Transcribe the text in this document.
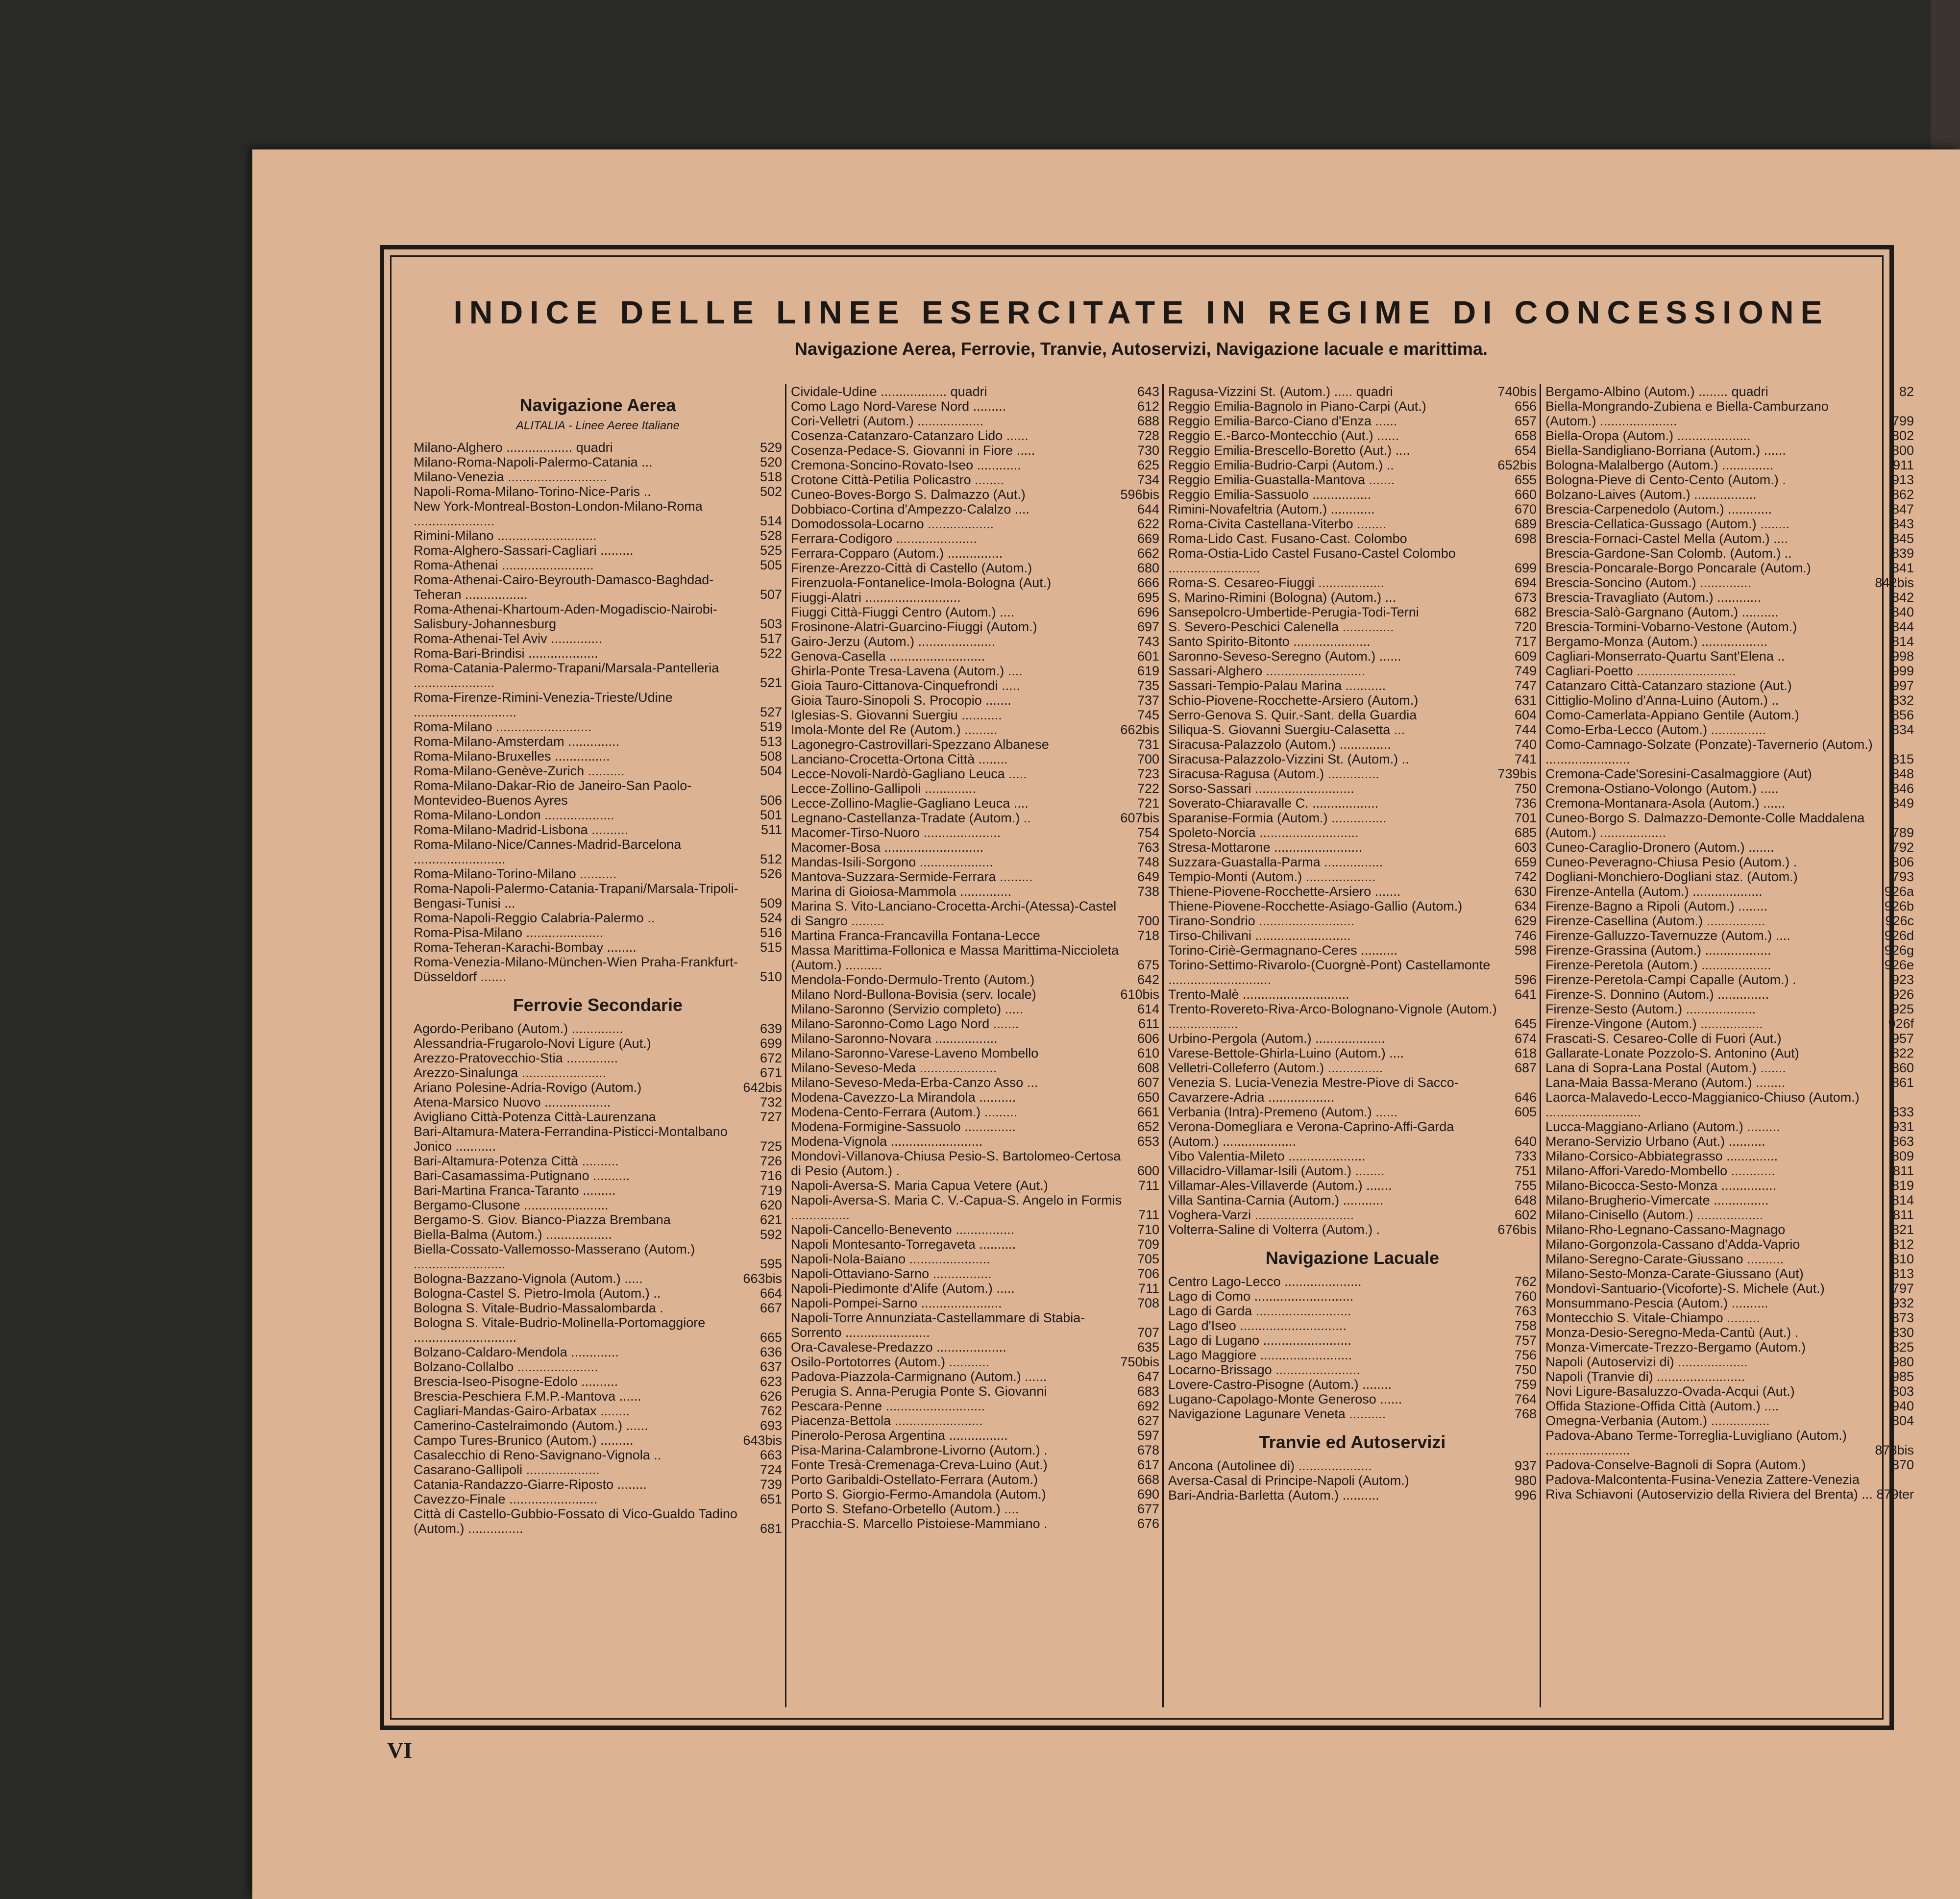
INDICE DELLE LINEE ESERCITATE IN REGIME DI CONCESSIONE

Navigazione Aerea, Ferrovie, Tranvie, Autoservizi, Navigazione lacuale e marittima.

Navigazione Aerea
ALITALIA - Linee Aeree Italiane
Milano-Alghero .................. quadri	529
Milano-Roma-Napoli-Palermo-Catania ...	520
Milano-Venezia ...........................	518
Napoli-Roma-Milano-Torino-Nice-Paris ..	502
New York-Montreal-Boston-London-Milano-Roma ......................	514
Rimini-Milano ...........................	528
Roma-Alghero-Sassari-Cagliari .........	525
Roma-Athenai .........................	505
Roma-Athenai-Cairo-Beyrouth-Damasco-Baghdad-Teheran .................	507
Roma-Athenai-Khartoum-Aden-Mogadiscio-Nairobi-Salisbury-Johannesburg	503
Roma-Athenai-Tel Aviv ..............	517
Roma-Bari-Brindisi ...................	522
Roma-Catania-Palermo-Trapani/Marsala-Pantelleria ......................	521
Roma-Firenze-Rimini-Venezia-Trieste/Udine ............................	527
Roma-Milano ..........................	519
Roma-Milano-Amsterdam ..............	513
Roma-Milano-Bruxelles ...............	508
Roma-Milano-Genève-Zurich ..........	504
Roma-Milano-Dakar-Rio de Janeiro-San Paolo-Montevideo-Buenos Ayres	506
Roma-Milano-London ...................	501
Roma-Milano-Madrid-Lisbona ..........	511
Roma-Milano-Nice/Cannes-Madrid-Barcelona .........................	512
Roma-Milano-Torino-Milano ..........	526
Roma-Napoli-Palermo-Catania-Trapani/Marsala-Tripoli-Bengasi-Tunisi ...	509
Roma-Napoli-Reggio Calabria-Palermo ..	524
Roma-Pisa-Milano .....................	516
Roma-Teheran-Karachi-Bombay ........	515
Roma-Venezia-Milano-München-Wien Praha-Frankfurt-Düsseldorf .......	510
Ferrovie Secondarie
Agordo-Peribano (Autom.) ..............	639
Alessandria-Frugarolo-Novi Ligure (Aut.)	699
Arezzo-Pratovecchio-Stia ..............	672
Arezzo-Sinalunga .......................	671
Ariano Polesine-Adria-Rovigo (Autom.)	642bis
Atena-Marsico Nuovo ..................	732
Avigliano Città-Potenza Città-Laurenzana	727
Bari-Altamura-Matera-Ferrandina-Pisticci-Montalbano Jonico ...........	725
Bari-Altamura-Potenza Città ..........	726
Bari-Casamassima-Putignano ..........	716
Bari-Martina Franca-Taranto .........	719
Bergamo-Clusone .......................	620
Bergamo-S. Giov. Bianco-Piazza Brembana	621
Biella-Balma (Autom.) ..................	592
Biella-Cossato-Vallemosso-Masserano (Autom.) .........................	595
Bologna-Bazzano-Vignola (Autom.) .....	663bis
Bologna-Castel S. Pietro-Imola (Autom.) ..	664
Bologna S. Vitale-Budrio-Massalombarda .	667
Bologna S. Vitale-Budrio-Molinella-Portomaggiore ............................	665
Bolzano-Caldaro-Mendola .............	636
Bolzano-Collalbo ......................	637
Brescia-Iseo-Pisogne-Edolo ..........	623
Brescia-Peschiera F.M.P.-Mantova ......	626
Cagliari-Mandas-Gairo-Arbatax ........	762
Camerino-Castelraimondo (Autom.) ......	693
Campo Tures-Brunico (Autom.) .........	643bis
Casalecchio di Reno-Savignano-Vignola ..	663
Casarano-Gallipoli ....................	724
Catania-Randazzo-Giarre-Riposto ........	739
Cavezzo-Finale ........................	651
Città di Castello-Gubbio-Fossato di Vico-Gualdo Tadino (Autom.) ...............	681
Cividale-Udine .................. quadri	643
Como Lago Nord-Varese Nord .........	612
Cori-Velletri (Autom.) ..................	688
Cosenza-Catanzaro-Catanzaro Lido ......	728
Cosenza-Pedace-S. Giovanni in Fiore .....	730
Cremona-Soncino-Rovato-Iseo ............	625
Crotone Città-Petilia Policastro ........	734
Cuneo-Boves-Borgo S. Dalmazzo (Aut.)	596bis
Dobbiaco-Cortina d'Ampezzo-Calalzo ....	644
Domodossola-Locarno ..................	622
Ferrara-Codigoro ......................	669
Ferrara-Copparo (Autom.) ...............	662
Firenze-Arezzo-Città di Castello (Autom.)	680
Firenzuola-Fontanelice-Imola-Bologna (Aut.)	666
Fiuggi-Alatri ..........................	695
Fiuggi Città-Fiuggi Centro (Autom.) ....	696
Frosinone-Alatri-Guarcino-Fiuggi (Autom.)	697
Gairo-Jerzu (Autom.) .....................	743
Genova-Casella ..........................	601
Ghirla-Ponte Tresa-Lavena (Autom.) ....	619
Gioia Tauro-Cittanova-Cinquefrondi .....	735
Gioia Tauro-Sinopoli S. Procopio .......	737
Iglesias-S. Giovanni Suergiu ...........	745
Imola-Monte del Re (Autom.) .........	662bis
Lagonegro-Castrovillari-Spezzano Albanese	731
Lanciano-Crocetta-Ortona Città ........	700
Lecce-Novoli-Nardò-Gagliano Leuca .....	723
Lecce-Zollino-Gallipoli ..............	722
Lecce-Zollino-Maglie-Gagliano Leuca ....	721
Legnano-Castellanza-Tradate (Autom.) ..	607bis
Macomer-Tirso-Nuoro .....................	754
Macomer-Bosa ...........................	763
Mandas-Isili-Sorgono ....................	748
Mantova-Suzzara-Sermide-Ferrara .........	649
Marina di Gioiosa-Mammola ..............	738
Marina S. Vito-Lanciano-Crocetta-Archi-(Atessa)-Castel di Sangro .........	700
Martina Franca-Francavilla Fontana-Lecce	718
Massa Marittima-Follonica e Massa Marittima-Niccioleta (Autom.) ..........	675
Mendola-Fondo-Dermulo-Trento (Autom.)	642
Milano Nord-Bullona-Bovisia (serv. locale)	610bis
Milano-Saronno (Servizio completo) .....	614
Milano-Saronno-Como Lago Nord .......	611
Milano-Saronno-Novara .................	606
Milano-Saronno-Varese-Laveno Mombello	610
Milano-Seveso-Meda .....................	608
Milano-Seveso-Meda-Erba-Canzo Asso ...	607
Modena-Cavezzo-La Mirandola ..........	650
Modena-Cento-Ferrara (Autom.) .........	661
Modena-Formigine-Sassuolo ..............	652
Modena-Vignola .........................	653
Mondovì-Villanova-Chiusa Pesio-S. Bartolomeo-Certosa di Pesio (Autom.) .	600
Napoli-Aversa-S. Maria Capua Vetere (Aut.)	711
Napoli-Aversa-S. Maria C. V.-Capua-S. Angelo in Formis ................	711
Napoli-Cancello-Benevento ................	710
Napoli Montesanto-Torregaveta ..........	709
Napoli-Nola-Baiano ......................	705
Napoli-Ottaviano-Sarno ................	706
Napoli-Piedimonte d'Alife (Autom.) .....	711
Napoli-Pompei-Sarno ......................	708
Napoli-Torre Annunziata-Castellammare di Stabia-Sorrento .......................	707
Ora-Cavalese-Predazzo ...................	635
Osilo-Portotorres (Autom.) ...........	750bis
Padova-Piazzola-Carmignano (Autom.) ......	647
Perugia S. Anna-Perugia Ponte S. Giovanni	683
Pescara-Penne ...........................	692
Piacenza-Bettola ........................	627
Pinerolo-Perosa Argentina ................	597
Pisa-Marina-Calambrone-Livorno (Autom.) .	678
Fonte Tresà-Cremenaga-Creva-Luino (Aut.)	617
Porto Garibaldi-Ostellato-Ferrara (Autom.)	668
Porto S. Giorgio-Fermo-Amandola (Autom.)	690
Porto S. Stefano-Orbetello (Autom.) ....	677
Pracchia-S. Marcello Pistoiese-Mammiano .	676
Ragusa-Vizzini St. (Autom.) ..... quadri	740bis
Reggio Emilia-Bagnolo in Piano-Carpi (Aut.)	656
Reggio Emilia-Barco-Ciano d'Enza ......	657
Reggio E.-Barco-Montecchio (Aut.) ......	658
Reggio Emilia-Brescello-Boretto (Aut.) ....	654
Reggio Emilia-Budrio-Carpi (Autom.) ..	652bis
Reggio Emilia-Guastalla-Mantova .......	655
Reggio Emilia-Sassuolo ................	660
Rimini-Novafeltria (Autom.) ............	670
Roma-Civita Castellana-Viterbo ........	689
Roma-Lido Cast. Fusano-Cast. Colombo	698
Roma-Ostia-Lido Castel Fusano-Castel Colombo .........................	699
Roma-S. Cesareo-Fiuggi ..................	694
S. Marino-Rimini (Bologna) (Autom.) ...	673
Sansepolcro-Umbertide-Perugia-Todi-Terni	682
S. Severo-Peschici Calenella ..............	720
Santo Spirito-Bitonto .....................	717
Saronno-Seveso-Seregno (Autom.) ......	609
Sassari-Alghero ...........................	749
Sassari-Tempio-Palau Marina ...........	747
Schio-Piovene-Rocchette-Arsiero (Autom.)	631
Serro-Genova S. Quir.-Sant. della Guardia	604
Siliqua-S. Giovanni Suergiu-Calasetta ...	744
Siracusa-Palazzolo (Autom.) ..............	740
Siracusa-Palazzolo-Vizzini St. (Autom.) ..	741
Siracusa-Ragusa (Autom.) ..............	739bis
Sorso-Sassari ...........................	750
Soverato-Chiaravalle C. ..................	736
Sparanise-Formia (Autom.) ...............	701
Spoleto-Norcia ...........................	685
Stresa-Mottarone ........................	603
Suzzara-Guastalla-Parma ................	659
Tempio-Monti (Autom.) ...................	742
Thiene-Piovene-Rocchette-Arsiero .......	630
Thiene-Piovene-Rocchette-Asiago-Gallio (Autom.)	634
Tirano-Sondrio ..........................	629
Tirso-Chilivani ..........................	746
Torino-Ciriè-Germagnano-Ceres ..........	598
Torino-Settimo-Rivarolo-(Cuorgnè-Pont) Castellamonte ............................	596
Trento-Malè .............................	641
Trento-Rovereto-Riva-Arco-Bolognano-Vignole (Autom.) ...................	645
Urbino-Pergola (Autom.) ...................	674
Varese-Bettole-Ghirla-Luino (Autom.) ....	618
Velletri-Colleferro (Autom.) ...............	687
Venezia S. Lucia-Venezia Mestre-Piove di Sacco-Cavarzere-Adria ..................	646
Verbania (Intra)-Premeno (Autom.) ......	605
Verona-Domegliara e Verona-Caprino-Affi-Garda (Autom.) ....................	640
Vibo Valentia-Mileto .....................	733
Villacidro-Villamar-Isili (Autom.) ........	751
Villamar-Ales-Villaverde (Autom.) .......	755
Villa Santina-Carnia (Autom.) ...........	648
Voghera-Varzi ...........................	602
Volterra-Saline di Volterra (Autom.) .	676bis
Navigazione Lacuale
Centro Lago-Lecco .....................	762
Lago di Como ...........................	760
Lago di Garda ..........................	763
Lago d'Iseo .............................	758
Lago di Lugano ........................	757
Lago Maggiore .........................	756
Locarno-Brissago .......................	750
Lovere-Castro-Pisogne (Autom.) ........	759
Lugano-Capolago-Monte Generoso ......	764
Navigazione Lagunare Veneta ..........	768
Tranvie ed Autoservizi
Ancona (Autolinee di) ....................	937
Aversa-Casal di Principe-Napoli (Autom.)	980
Bari-Andria-Barletta (Autom.) ..........	996
Bergamo-Albino (Autom.) ........ quadri	82
Biella-Mongrando-Zubiena e Biella-Camburzano (Autom.) .....................	799
Biella-Oropa (Autom.) ....................	802
Biella-Sandigliano-Borriana (Autom.) ......	800
Bologna-Malalbergo (Autom.) ..............	911
Bologna-Pieve di Cento-Cento (Autom.) .	913
Bolzano-Laives (Autom.) .................	862
Brescia-Carpenedolo (Autom.) ............	847
Brescia-Cellatica-Gussago (Autom.) ........	843
Brescia-Fornaci-Castel Mella (Autom.) ....	845
Brescia-Gardone-San Colomb. (Autom.) ..	839
Brescia-Poncarale-Borgo Poncarale (Autom.)	841
Brescia-Soncino (Autom.) ..............	842bis
Brescia-Travagliato (Autom.) ............	842
Brescia-Salò-Gargnano (Autom.) ..........	840
Brescia-Tormini-Vobarno-Vestone (Autom.)	844
Bergamo-Monza (Autom.) ..................	814
Cagliari-Monserrato-Quartu Sant'Elena ..	998
Cagliari-Poetto ...........................	999
Catanzaro Città-Catanzaro stazione (Aut.)	997
Cittiglio-Molino d'Anna-Luino (Autom.) ..	832
Como-Camerlata-Appiano Gentile (Autom.)	856
Como-Erba-Lecco (Autom.) ...............	834
Como-Camnago-Solzate (Ponzate)-Tavernerio (Autom.) .......................	815
Cremona-Cade'Soresini-Casalmaggiore (Aut)	848
Cremona-Ostiano-Volongo (Autom.) .....	846
Cremona-Montanara-Asola (Autom.) ......	849
Cuneo-Borgo S. Dalmazzo-Demonte-Colle Maddalena (Autom.) ..................	789
Cuneo-Caraglio-Dronero (Autom.) .......	792
Cuneo-Peveragno-Chiusa Pesio (Autom.) .	806
Dogliani-Monchiero-Dogliani staz. (Autom.)	793
Firenze-Antella (Autom.) ...................	926a
Firenze-Bagno a Ripoli (Autom.) ........	926b
Firenze-Casellina (Autom.) ................	926c
Firenze-Galluzzo-Tavernuzze (Autom.) ....	926d
Firenze-Grassina (Autom.) ..................	926g
Firenze-Peretola (Autom.) ...................	926e
Firenze-Peretola-Campi Capalle (Autom.) .	923
Firenze-S. Donnino (Autom.) ..............	926
Firenze-Sesto (Autom.) ...................	925
Firenze-Vingone (Autom.) .................	926f
Frascati-S. Cesareo-Colle di Fuori (Aut.)	957
Gallarate-Lonate Pozzolo-S. Antonino (Aut)	822
Lana di Sopra-Lana Postal (Autom.) .......	860
Lana-Maia Bassa-Merano (Autom.) ........	861
Laorca-Malavedo-Lecco-Maggianico-Chiuso (Autom.) ..........................	833
Lucca-Maggiano-Arliano (Autom.) .........	931
Merano-Servizio Urbano (Aut.) ..........	863
Milano-Corsico-Abbiategrasso ..............	809
Milano-Affori-Varedo-Mombello ............	811
Milano-Bicocca-Sesto-Monza ...............	819
Milano-Brugherio-Vimercate ...............	814
Milano-Cinisello (Autom.) ..................	811
Milano-Rho-Legnano-Cassano-Magnago	821
Milano-Gorgonzola-Cassano d'Adda-Vaprio	812
Milano-Seregno-Carate-Giussano ..........	810
Milano-Sesto-Monza-Carate-Giussano (Aut)	813
Mondovì-Santuario-(Vicoforte)-S. Michele (Aut.)	797
Monsummano-Pescia (Autom.) ..........	932
Montecchio S. Vitale-Chiampo .........	873
Monza-Desio-Seregno-Meda-Cantù (Aut.) .	830
Monza-Vimercate-Trezzo-Bergamo (Autom.)	825
Napoli (Autoservizi di) ...................	980
Napoli (Tranvie di) ........................	985
Novi Ligure-Basaluzzo-Ovada-Acqui (Aut.)	803
Offida Stazione-Offida Città (Autom.) ....	940
Omegna-Verbania (Autom.) ................	804
Padova-Abano Terme-Torreglia-Luvigliano (Autom.) .......................	878bis
Padova-Conselve-Bagnoli di Sopra (Autom.)	870
Padova-Malcontenta-Fusina-Venezia Zattere-Venezia Riva Schiavoni (Autoservizio della Riviera del Brenta) ... 879ter
VI
